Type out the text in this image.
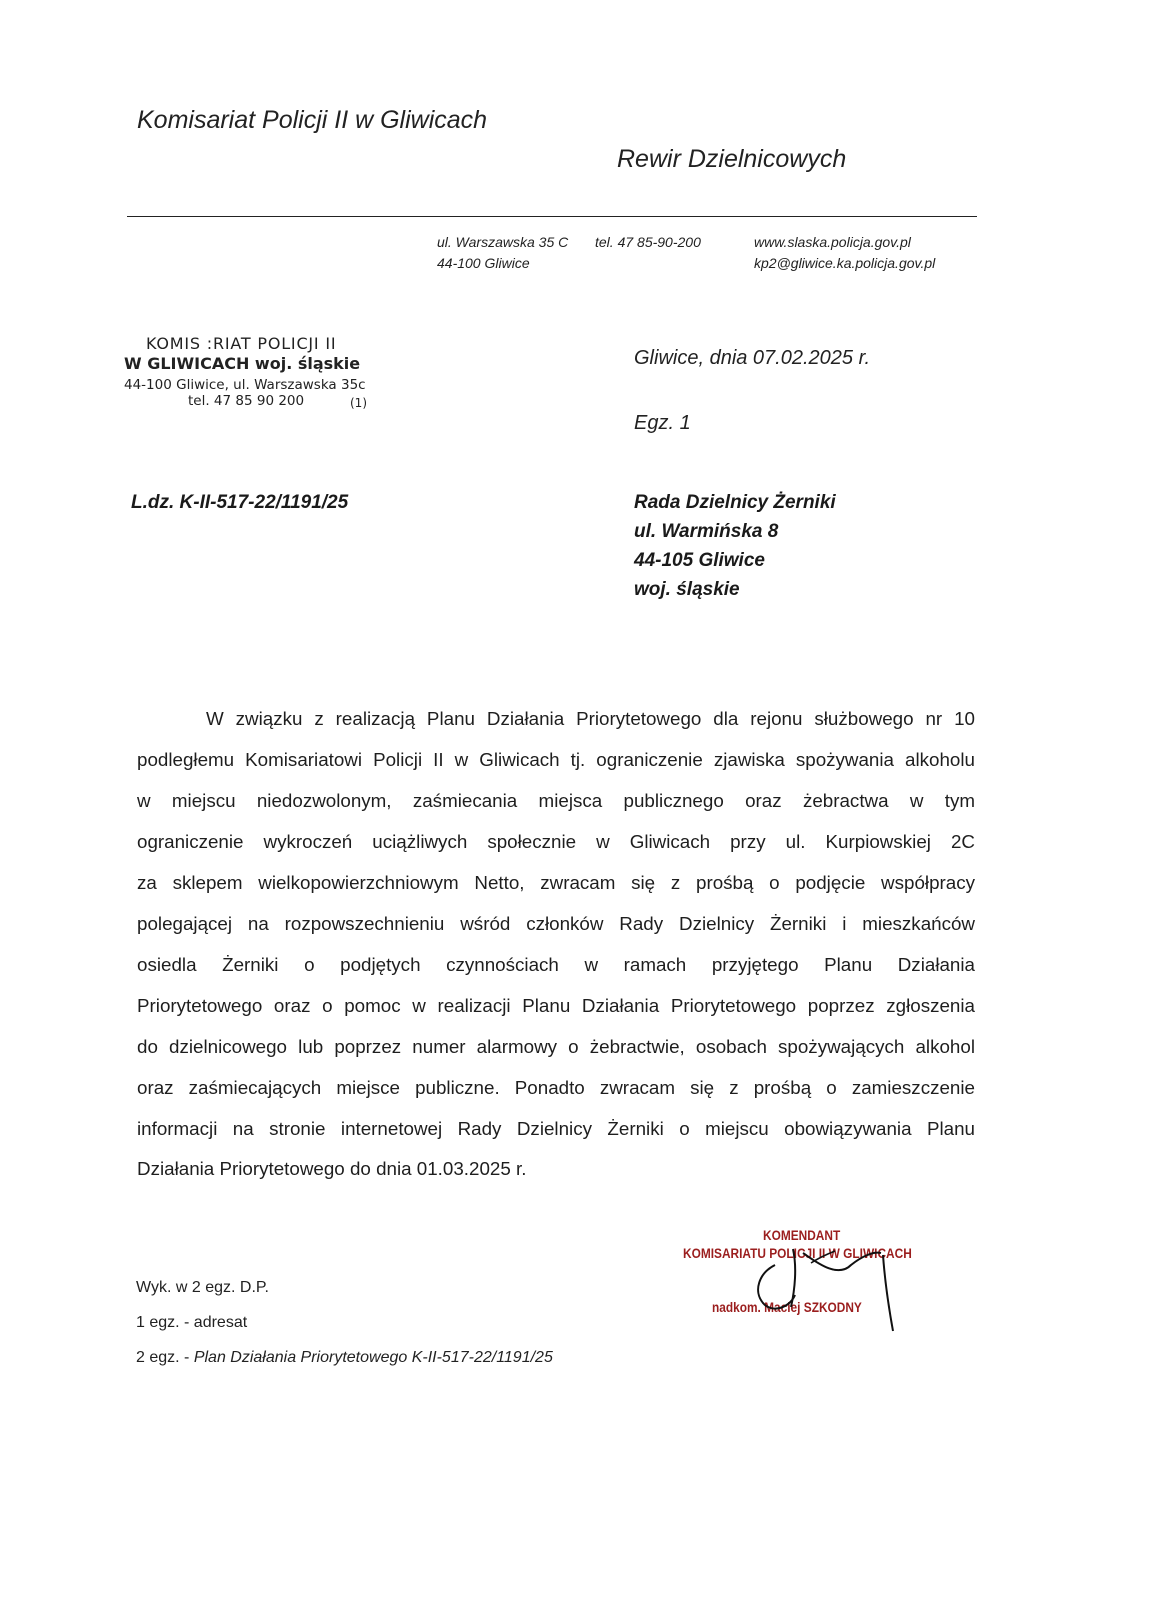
Komisariat Policji II w Gliwicach
Rewir Dzielnicowych
ul. Warszawska 35 C
44-100 Gliwice
tel. 47 85-90-200	www.slaska.policja.gov.pl
kp2@gliwice.ka.policja.gov.pl
KOMIS :RIAT POLICJI II
W GLIWICACH woj. śląskie
44-100 Gliwice, ul. Warszawska 35c
tel. 47 85 90 200	(1)
Gliwice, dnia 07.02.2025 r.
Egz. 1
L.dz. K-II-517-22/1191/25	Rada Dzielnicy Żerniki
ul. Warmińska 8
44-105 Gliwice
woj. śląskie
W związku z realizacją Planu Działania Priorytetowego dla rejonu służbowego nr 10
podległemu Komisariatowi Policji II w Gliwicach tj. ograniczenie zjawiska spożywania alkoholu
w miejscu niedozwolonym, zaśmiecania miejsca publicznego oraz żebractwa w tym
ograniczenie wykroczeń uciążliwych społecznie w Gliwicach przy ul. Kurpiowskiej 2C
za sklepem wielkopowierzchniowym Netto, zwracam się z prośbą o podjęcie współpracy
polegającej na rozpowszechnieniu wśród członków Rady Dzielnicy Żerniki i mieszkańców
osiedla Żerniki o podjętych czynnościach w ramach przyjętego Planu Działania
Priorytetowego oraz o pomoc w realizacji Planu Działania Priorytetowego poprzez zgłoszenia
do dzielnicowego lub poprzez numer alarmowy o żebractwie, osobach spożywających alkohol
oraz zaśmiecających miejsce publiczne. Ponadto zwracam się z prośbą o zamieszczenie
informacji na stronie internetowej Rady Dzielnicy Żerniki o miejscu obowiązywania Planu
Działania Priorytetowego do dnia 01.03.2025 r.
KOMENDANT
KOMISARIATU POLICJI II W GLIWICACH
nadkom. Maciej SZKODNY
Wyk. w 2 egz. D.P.
1 egz. - adresat
2 egz. - Plan Działania Priorytetowego K-II-517-22/1191/25
